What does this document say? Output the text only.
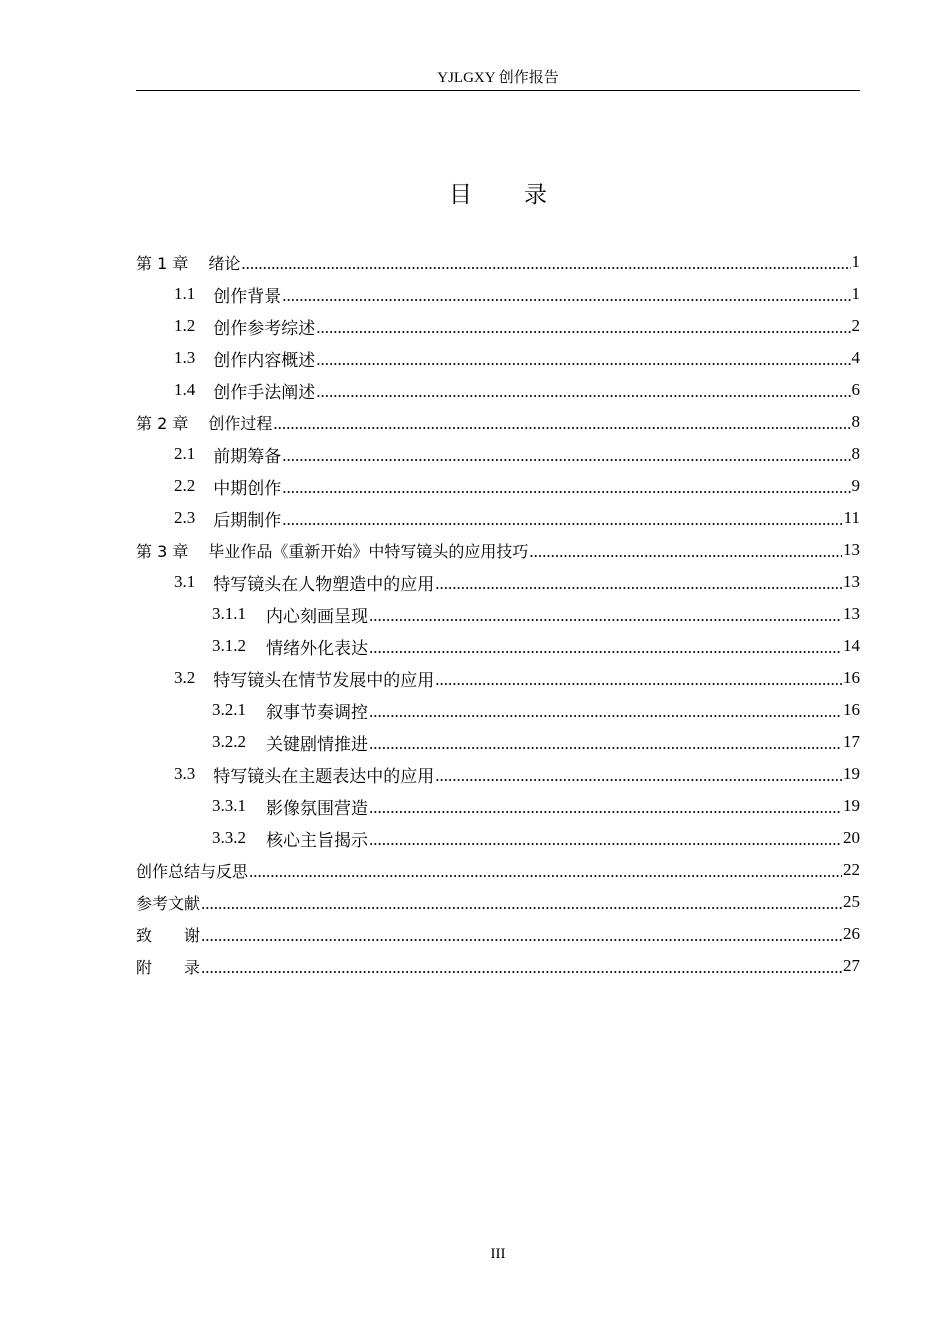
YJLGXY 创作报告
目 录
第 1 章 绪论 .....	1
1.1 创作背景 .....	1
1.2 创作参考综述 .....	2
1.3 创作内容概述 .....	4
1.4 创作手法阐述 .....	6
第 2 章 创作过程 .....	8
2.1 前期筹备 .....	8
2.2 中期创作 .....	9
2.3 后期制作 .....	11
第 3 章 毕业作品《重新开始》中特写镜头的应用技巧 .....	13
3.1 特写镜头在人物塑造中的应用 .....	13
3.1.1 内心刻画呈现 .....	13
3.1.2 情绪外化表达 .....	14
3.2 特写镜头在情节发展中的应用 .....	16
3.2.1 叙事节奏调控 .....	16
3.2.2 关键剧情推进 .....	17
3.3 特写镜头在主题表达中的应用 .....	19
3.3.1 影像氛围营造 .....	19
3.3.2 核心主旨揭示 .....	20
创作总结与反思 .....	22
参考文献 .....	25
致　　谢 .....	26
附　　录 .....	27
III
